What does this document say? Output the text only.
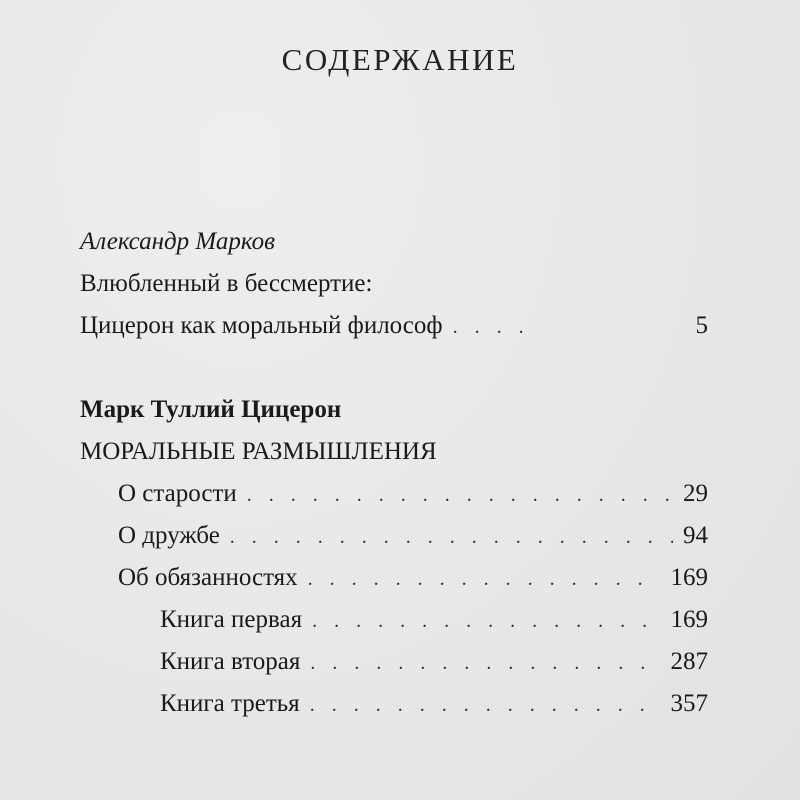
СОДЕРЖАНИЕ
Александр Марков
Влюбленный в бессмертие:
Цицерон как моральный философ . . .	5
Марк Туллий Цицерон
МОРАЛЬНЫЕ РАЗМЫШЛЕНИЯ
О старости . . .	29
О дружбе . . .	94
Об обязанностях . . .	169
Книга первая . . .	169
Книга вторая . . .	287
Книга третья . . .	357
